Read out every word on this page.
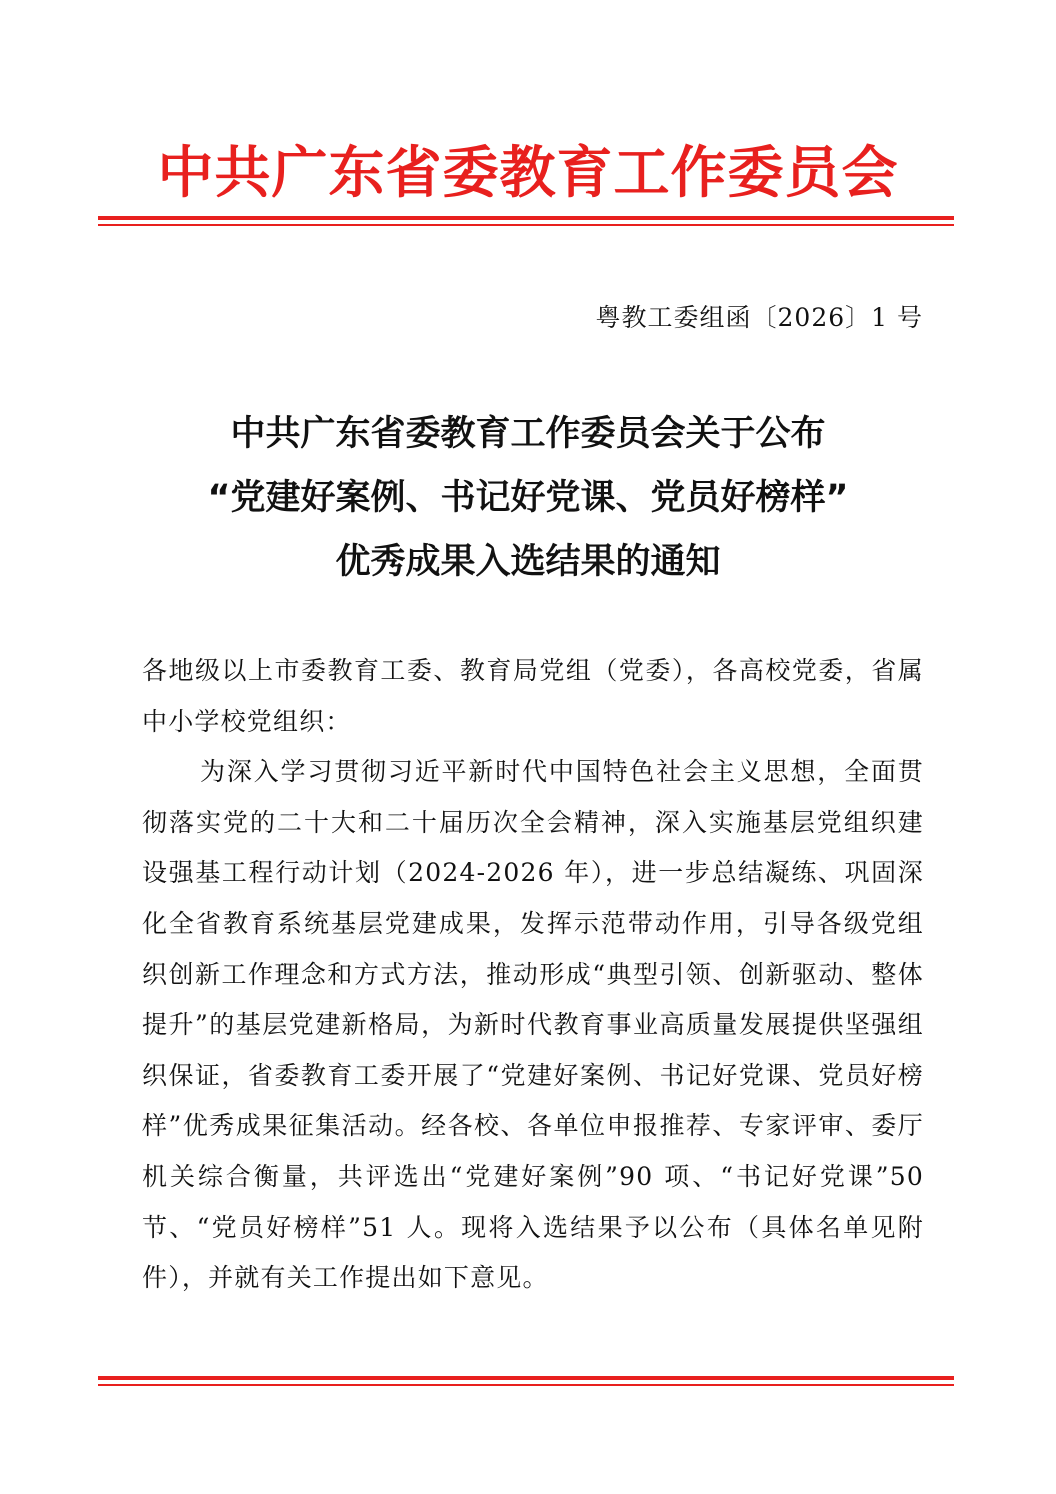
中共广东省委教育工作委员会
粤教工委组函〔2026〕1 号
中共广东省委教育工作委员会关于公布
“党建好案例、书记好党课、党员好榜样”
优秀成果入选结果的通知

各地级以上市委教育工委、教育局党组（党委），各高校党委，省属中小学校党组织：

为深入学习贯彻习近平新时代中国特色社会主义思想，全面贯彻落实党的二十大和二十届历次全会精神，深入实施基层党组织建设强基工程行动计划（2024-2026 年），进一步总结凝练、巩固深化全省教育系统基层党建成果，发挥示范带动作用，引导各级党组织创新工作理念和方式方法，推动形成“典型引领、创新驱动、整体提升”的基层党建新格局，为新时代教育事业高质量发展提供坚强组织保证，省委教育工委开展了“党建好案例、书记好党课、党员好榜样”优秀成果征集活动。经各校、各单位申报推荐、专家评审、委厅机关综合衡量，共评选出“党建好案例”90 项、“书记好党课”50 节、“党员好榜样”51 人。现将入选结果予以公布（具体名单见附件），并就有关工作提出如下意见。
